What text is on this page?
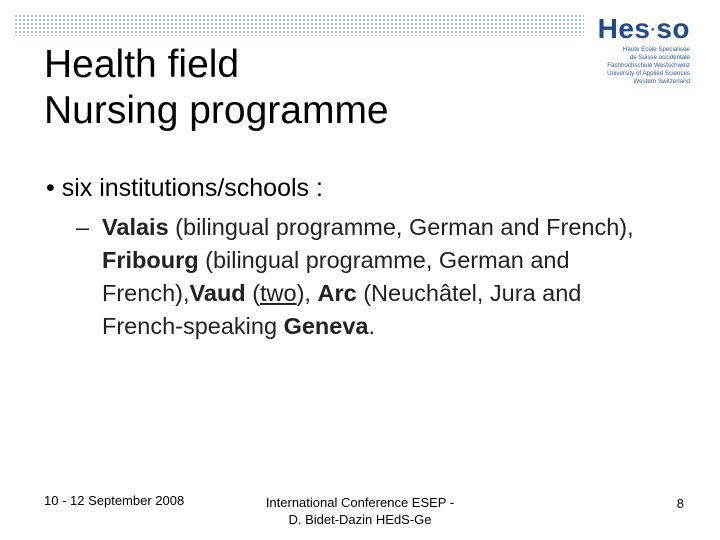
Hes·so
Haute Ecole Spécialisée
de Suisse occidentale
Fachhochschule Westschweiz
University of Applied Sciences
Western Switzerland
Health field
Nursing programme
• six institutions/schools :
– Valais (bilingual programme, German and French), Fribourg (bilingual programme, German and French),Vaud (two), Arc (Neuchâtel, Jura and French-speaking Geneva.
10 - 12 September 2008	International Conference ESEP -
D. Bidet-Dazin HEdS-Ge
8
